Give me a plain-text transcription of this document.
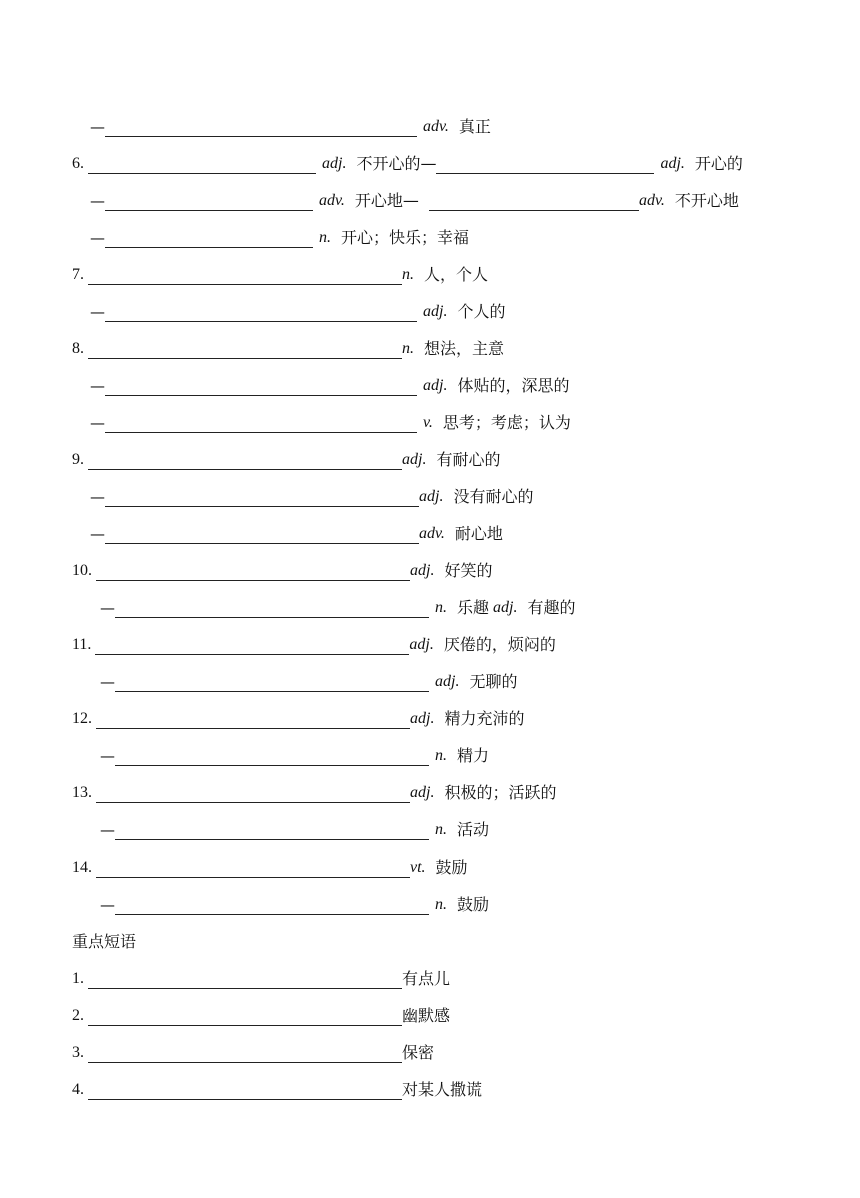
—	adv. 真正
6.	adj. 不开心的—	adj. 开心的
—	adv. 开心地—	adv. 不开心地
—	n. 开心；快乐；幸福
7.	n. 人，个人
—	adj. 个人的
8.	n. 想法，主意
—	adj. 体贴的，深思的
—	v. 思考；考虑；认为
9.	adj. 有耐心的
—	adj. 没有耐心的
—	adv. 耐心地
10.	adj. 好笑的
—	n. 乐趣 adj. 有趣的
11.	adj. 厌倦的，烦闷的
—	adj. 无聊的
12.	adj. 精力充沛的
—	n. 精力
13.	adj. 积极的；活跃的
—	n. 活动
14.	vt. 鼓励
—	n. 鼓励
重点短语
1.	有点儿
2.	幽默感
3.	保密
4.	对某人撒谎
